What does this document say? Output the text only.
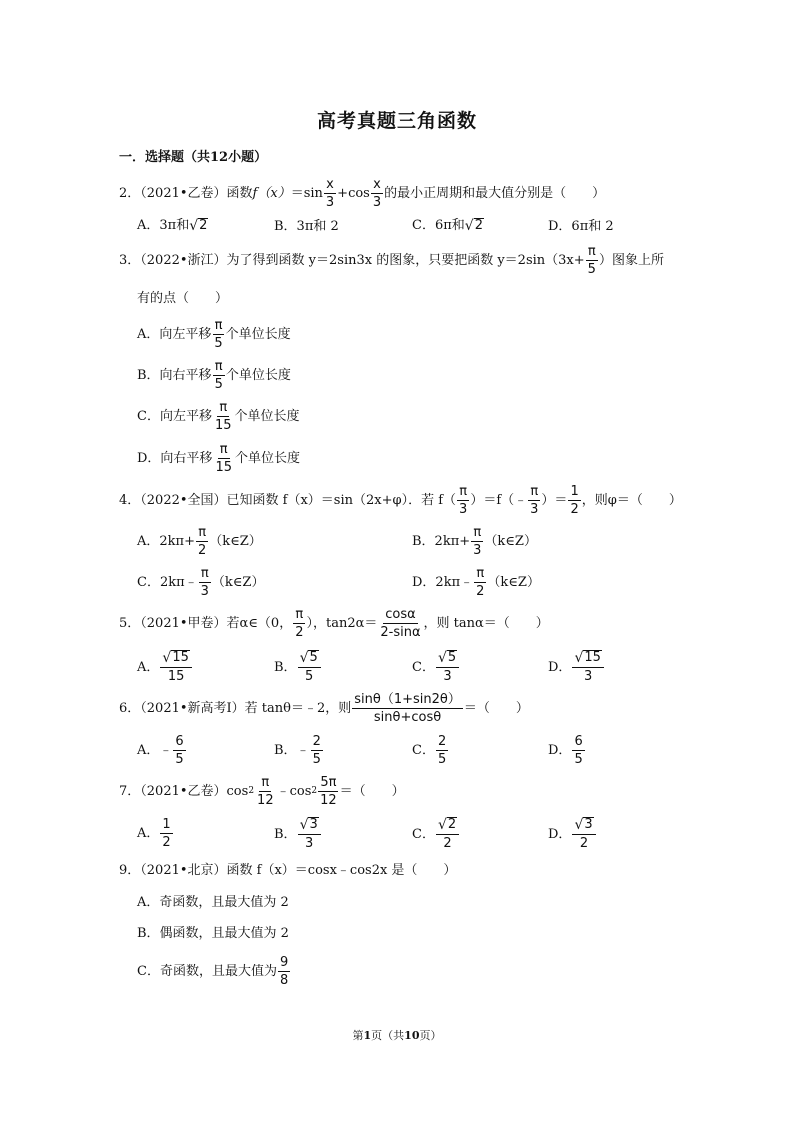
高考真题三角函数
一．选择题（共12小题）
2．（2021•乙卷）函数 $f(x) =\sin \frac{x}{3} +\cos \frac{x}{3}$ 的最小正周期和最大值分别是（　　）
A．3π和 √ 2	B．3π和 2	C．6π和 √ 2	D．6π和 2
3．（2022•浙江）为了得到函数 y＝2sin3x 的图象，只要把函数 $y=2\sin(3x+ \frac{\pi}{5}$ ）图象上所
有的点（　　）
A．向左平移 $\frac{\pi}{5}$ 个单位长度
B．向右平移 $\frac{\pi}{5}$ 个单位长度
C．向左平移 $\frac{\pi}{15}$ 个单位长度
D．向右平移 $\frac{\pi}{15}$ 个单位长度
4．（2022•全国）已知函数 f（x）＝sin（2x+φ）．若 $f( \frac{\pi}{3}$ ）＝f（﹣ $\frac{\pi}{3}$ ）＝ $\frac{1}{2}$ ，则φ＝（　　）
A．$2k\pi+ \frac{\pi}{2}$ （k∈Z）	B．$2k\pi+ \frac{\pi}{3}$ （k∈Z）
C．2kπ﹣ $\frac{\pi}{3}$ （k∈Z）	D．2kπ﹣ $\frac{\pi}{2}$ （k∈Z）
5．（2021•甲卷）若α∈（0， $\frac{\pi}{2}$ ），$\tan 2\alpha= \frac{\cos\alpha}{2-\sin\alpha}$ ，则 tanα＝（　　）
A． $\frac{√ 15}{15}$	B． $\frac{√ 5}{5}$	C． $\frac{√ 5}{3}$	D． $\frac{√ 15}{3}$
6．（2021•新高考Ⅰ）若 tanθ＝﹣2，则 $\frac{\sin\theta(1+\sin 2\theta)}{\sin\theta+\cos\theta}$ ＝（　　）
A．﹣ $\frac{6}{5}$	B．﹣ $\frac{2}{5}$	C． $\frac{2}{5}$	D． $\frac{6}{5}$
7．（2021•乙卷）cos $2 \frac{\pi}{12}$ ﹣cos $2 \frac{5\pi}{12}$ ＝（　　）
A． $\frac{1}{2}$	B． $\frac{√ 3}{3}$	C． $\frac{√ 2}{2}$	D． $\frac{√ 3}{2}$
9．（2021•北京）函数 f（x）＝cosx﹣cos2x 是（　　）
A．奇函数，且最大值为 2
B．偶函数，且最大值为 2
C．奇函数，且最大值为 $\frac{9}{8}$
第1页（共10页）
